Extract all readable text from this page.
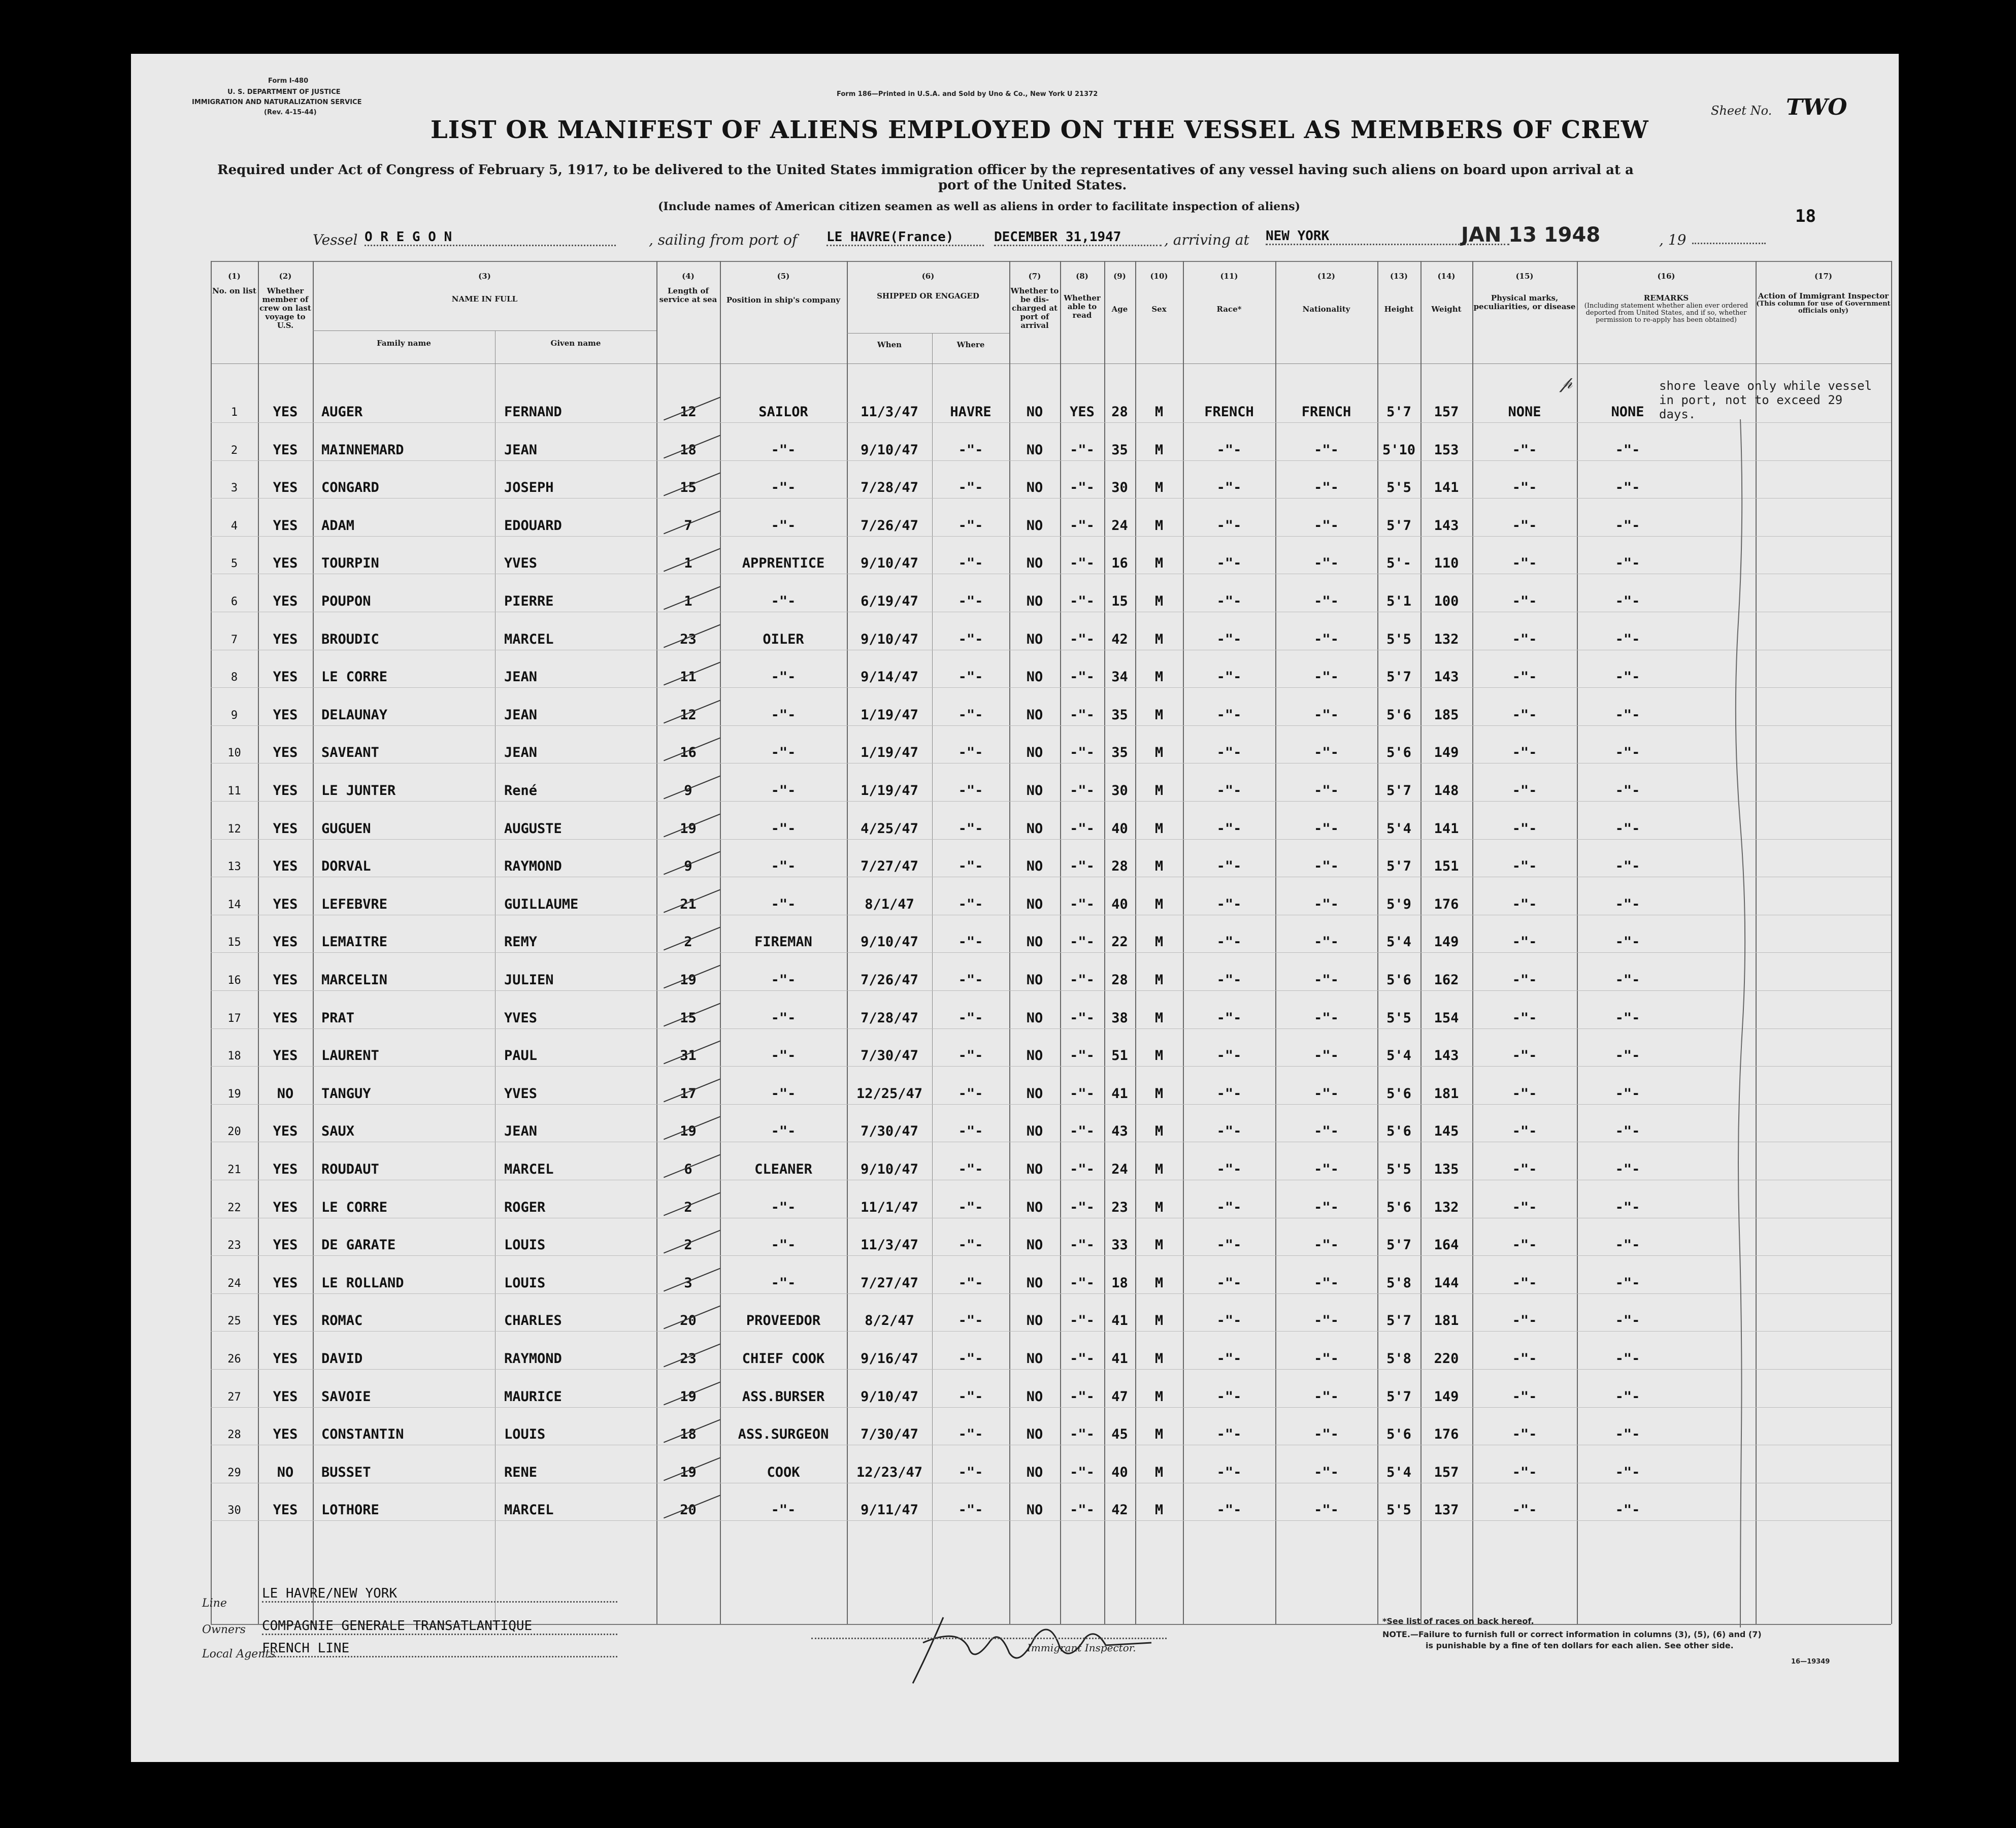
Form I-480
U. S. DEPARTMENT OF JUSTICE
IMMIGRATION AND NATURALIZATION SERVICE
(Rev. 4-15-44)
Form 186—Printed in U.S.A. and Sold by Uno & Co., New York U 21372
Sheet No. TWO
18
LIST OR MANIFEST OF ALIENS EMPLOYED ON THE VESSEL AS MEMBERS OF CREW
Required under Act of Congress of February 5, 1917, to be delivered to the United States immigration officer by the representatives of any vessel having such aliens on board upon arrival at a
port of the United States.
(Include names of American citizen seamen as well as aliens in order to facilitate inspection of aliens)
Vessel O R E G O N	, sailing from port of LE HAVRE(France)	DECEMBER 31,1947	, arriving at NEW YORK	JAN 13 1948	, 19
(1)
No. on list
(2)
Whether member of crew on last voyage to U.S.
(3)
NAME IN FULL
Family name	Given name
(4)
Length of service at sea
(5)
Position in ship's company
(6)
SHIPPED OR ENGAGED
When	Where
(7)
Whether to be dis-charged at port of arrival
(8)
Whether able to read
(9)
Age
(10)
Sex
(11)
Race*
(12)
Nationality
(13)
Height
(14)
Weight
(15)
Physical marks, peculiarities, or disease
(16)
REMARKS
(Including statement whether alien ever ordered deported from United States, and if so, whether permission to re-apply has been obtained)
(17)
Action of Immigrant Inspector
(This column for use of Government officials only)
𝓅	shore leave only while vessel in port, not to exceed 29 days.
1	YES	AUGER	FERNAND	12	SAILOR	11/3/47	HAVRE	NO	YES	28	M	FRENCH	FRENCH	5'7	157	NONE	NONE
2	YES	MAINNEMARD	JEAN	18	-"-	9/10/47	-"-	NO	-"-	35	M	-"-	-"-	5'10	153	-"-	-"-
3	YES	CONGARD	JOSEPH	15	-"-	7/28/47	-"-	NO	-"-	30	M	-"-	-"-	5'5	141	-"-	-"-
4	YES	ADAM	EDOUARD	7	-"-	7/26/47	-"-	NO	-"-	24	M	-"-	-"-	5'7	143	-"-	-"-
5	YES	TOURPIN	YVES	1	APPRENTICE	9/10/47	-"-	NO	-"-	16	M	-"-	-"-	5'-	110	-"-	-"-
6	YES	POUPON	PIERRE	1	-"-	6/19/47	-"-	NO	-"-	15	M	-"-	-"-	5'1	100	-"-	-"-
7	YES	BROUDIC	MARCEL	23	OILER	9/10/47	-"-	NO	-"-	42	M	-"-	-"-	5'5	132	-"-	-"-
8	YES	LE CORRE	JEAN	11	-"-	9/14/47	-"-	NO	-"-	34	M	-"-	-"-	5'7	143	-"-	-"-
9	YES	DELAUNAY	JEAN	12	-"-	1/19/47	-"-	NO	-"-	35	M	-"-	-"-	5'6	185	-"-	-"-
10	YES	SAVEANT	JEAN	16	-"-	1/19/47	-"-	NO	-"-	35	M	-"-	-"-	5'6	149	-"-	-"-
11	YES	LE JUNTER	René	9	-"-	1/19/47	-"-	NO	-"-	30	M	-"-	-"-	5'7	148	-"-	-"-
12	YES	GUGUEN	AUGUSTE	19	-"-	4/25/47	-"-	NO	-"-	40	M	-"-	-"-	5'4	141	-"-	-"-
13	YES	DORVAL	RAYMOND	9	-"-	7/27/47	-"-	NO	-"-	28	M	-"-	-"-	5'7	151	-"-	-"-
14	YES	LEFEBVRE	GUILLAUME	21	-"-	8/1/47	-"-	NO	-"-	40	M	-"-	-"-	5'9	176	-"-	-"-
15	YES	LEMAITRE	REMY	2	FIREMAN	9/10/47	-"-	NO	-"-	22	M	-"-	-"-	5'4	149	-"-	-"-
16	YES	MARCELIN	JULIEN	19	-"-	7/26/47	-"-	NO	-"-	28	M	-"-	-"-	5'6	162	-"-	-"-
17	YES	PRAT	YVES	15	-"-	7/28/47	-"-	NO	-"-	38	M	-"-	-"-	5'5	154	-"-	-"-
18	YES	LAURENT	PAUL	31	-"-	7/30/47	-"-	NO	-"-	51	M	-"-	-"-	5'4	143	-"-	-"-
19	NO	TANGUY	YVES	17	-"-	12/25/47	-"-	NO	-"-	41	M	-"-	-"-	5'6	181	-"-	-"-
20	YES	SAUX	JEAN	19	-"-	7/30/47	-"-	NO	-"-	43	M	-"-	-"-	5'6	145	-"-	-"-
21	YES	ROUDAUT	MARCEL	6	CLEANER	9/10/47	-"-	NO	-"-	24	M	-"-	-"-	5'5	135	-"-	-"-
22	YES	LE CORRE	ROGER	2	-"-	11/1/47	-"-	NO	-"-	23	M	-"-	-"-	5'6	132	-"-	-"-
23	YES	DE GARATE	LOUIS	2	-"-	11/3/47	-"-	NO	-"-	33	M	-"-	-"-	5'7	164	-"-	-"-
24	YES	LE ROLLAND	LOUIS	3	-"-	7/27/47	-"-	NO	-"-	18	M	-"-	-"-	5'8	144	-"-	-"-
25	YES	ROMAC	CHARLES	20	PROVEEDOR	8/2/47	-"-	NO	-"-	41	M	-"-	-"-	5'7	181	-"-	-"-
26	YES	DAVID	RAYMOND	23	CHIEF COOK	9/16/47	-"-	NO	-"-	41	M	-"-	-"-	5'8	220	-"-	-"-
27	YES	SAVOIE	MAURICE	19	ASS.BURSER	9/10/47	-"-	NO	-"-	47	M	-"-	-"-	5'7	149	-"-	-"-
28	YES	CONSTANTIN	LOUIS	18	ASS.SURGEON	7/30/47	-"-	NO	-"-	45	M	-"-	-"-	5'6	176	-"-	-"-
29	NO	BUSSET	RENE	19	COOK	12/23/47	-"-	NO	-"-	40	M	-"-	-"-	5'4	157	-"-	-"-
30	YES	LOTHORE	MARCEL	20	-"-	9/11/47	-"-	NO	-"-	42	M	-"-	-"-	5'5	137	-"-	-"-
Line
LE HAVRE/NEW YORK
Owners COMPAGNIE GENERALE TRANSATLANTIQUE
Local Agents
FRENCH LINE	Immigrant Inspector.
*See list of races on back hereof.
NOTE.—Failure to furnish full or correct information in columns (3), (5), (6) and (7)
is punishable by a fine of ten dollars for each alien. See other side.
16—19349
